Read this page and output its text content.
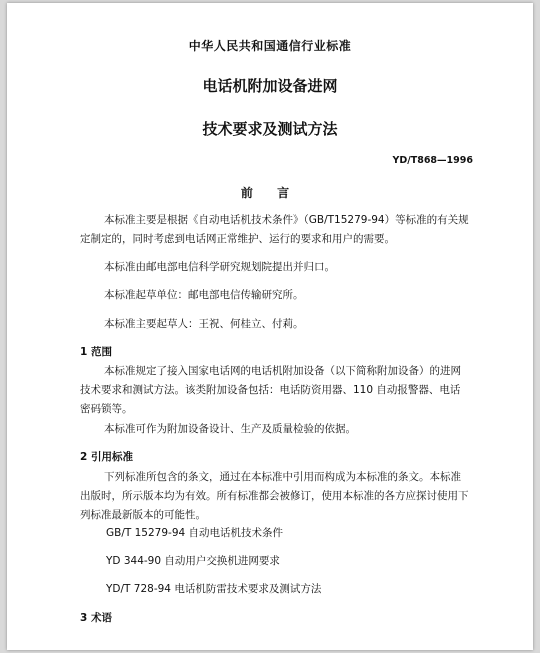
中华人民共和国通信行业标准
电话机附加设备进网
技术要求及测试方法
YD/T868—1996
前 言
本标准主要是根据《自动电话机技术条件》（GB/T15279-94）等标准的有关规定制定的，同时考虑到电话网正常维护、运行的要求和用户的需要。
本标准由邮电部电信科学研究规划院提出并归口。
本标准起草单位：邮电部电信传输研究所。
本标准主要起草人：王祝、何桂立、付莉。
1 范围
本标准规定了接入国家电话网的电话机附加设备（以下简称附加设备）的进网技术要求和测试方法。该类附加设备包括：电话防资用器、110 自动报警器、电话密码锁等。
本标准可作为附加设备设计、生产及质量检验的依据。
2 引用标准
下列标准所包含的条文，通过在本标准中引用而构成为本标准的条文。本标准出版时，所示版本均为有效。所有标准都会被修订，使用本标准的各方应探讨使用下列标准最新版本的可能性。
GB/T 15279-94 自动电话机技术条件
YD 344-90 自动用户交换机进网要求
YD/T 728-94 电话机防雷技术要求及测试方法
3 术语
